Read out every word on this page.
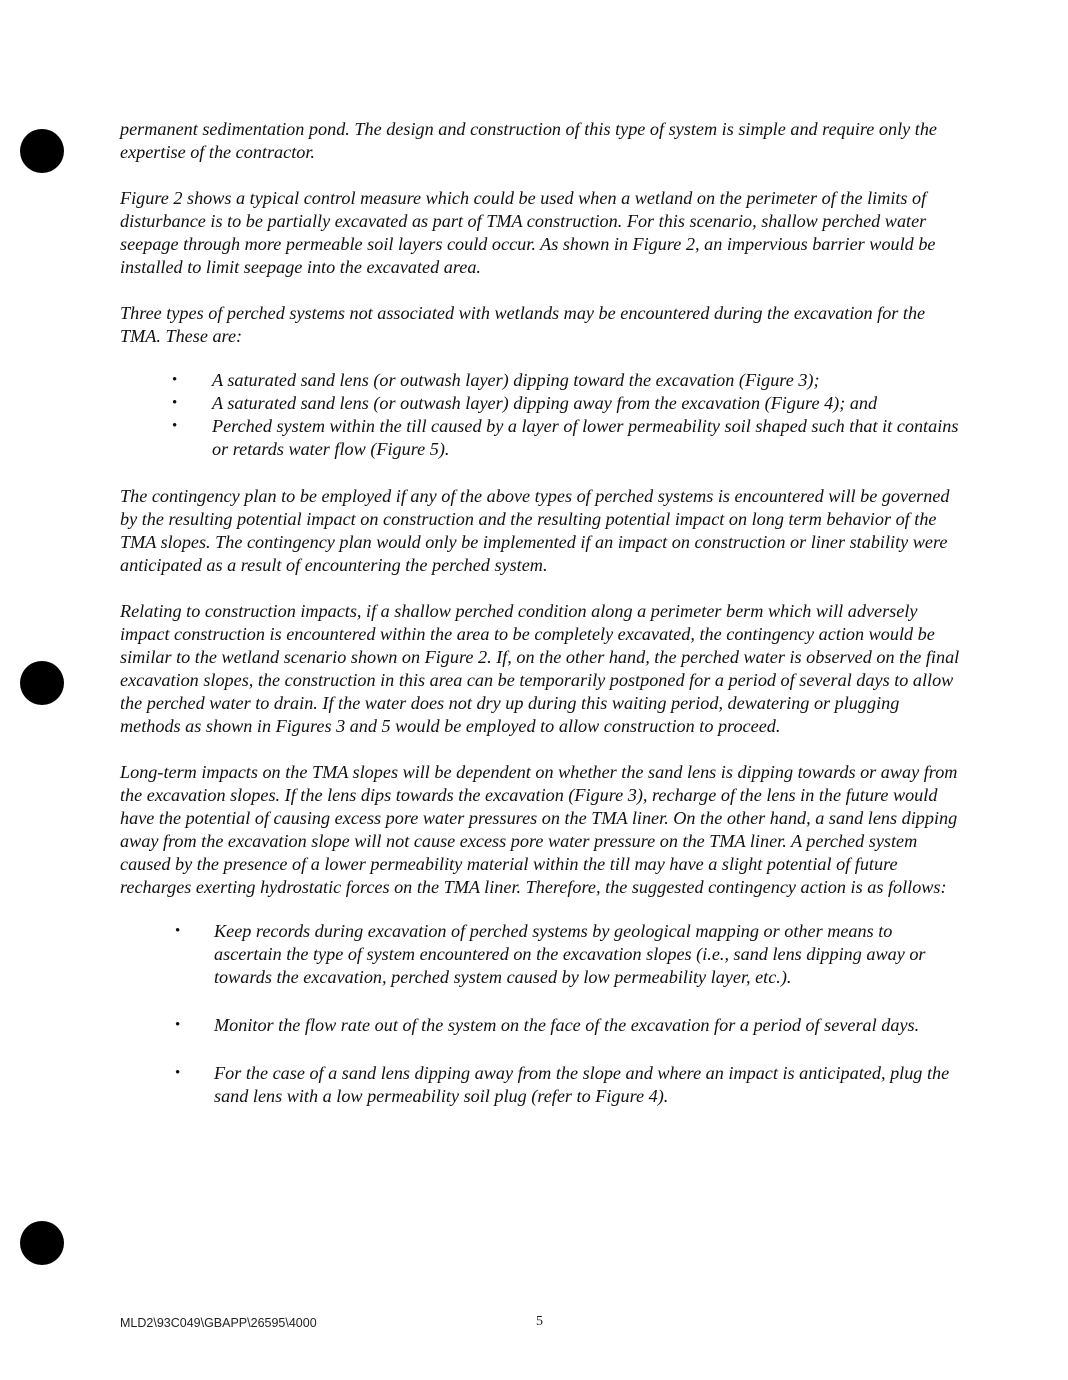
permanent sedimentation pond. The design and construction of this type of system is simple and require only the expertise of the contractor.

Figure 2 shows a typical control measure which could be used when a wetland on the perimeter of the limits of disturbance is to be partially excavated as part of TMA construction. For this scenario, shallow perched water seepage through more permeable soil layers could occur. As shown in Figure 2, an impervious barrier would be installed to limit seepage into the excavated area.

Three types of perched systems not associated with wetlands may be encountered during the excavation for the TMA. These are:

• A saturated sand lens (or outwash layer) dipping toward the excavation (Figure 3);
• A saturated sand lens (or outwash layer) dipping away from the excavation (Figure 4); and
• Perched system within the till caused by a layer of lower permeability soil shaped such that it contains or retards water flow (Figure 5).

The contingency plan to be employed if any of the above types of perched systems is encountered will be governed by the resulting potential impact on construction and the resulting potential impact on long term behavior of the TMA slopes. The contingency plan would only be implemented if an impact on construction or liner stability were anticipated as a result of encountering the perched system.

Relating to construction impacts, if a shallow perched condition along a perimeter berm which will adversely impact construction is encountered within the area to be completely excavated, the contingency action would be similar to the wetland scenario shown on Figure 2. If, on the other hand, the perched water is observed on the final excavation slopes, the construction in this area can be temporarily postponed for a period of several days to allow the perched water to drain. If the water does not dry up during this waiting period, dewatering or plugging methods as shown in Figures 3 and 5 would be employed to allow construction to proceed.

Long-term impacts on the TMA slopes will be dependent on whether the sand lens is dipping towards or away from the excavation slopes. If the lens dips towards the excavation (Figure 3), recharge of the lens in the future would have the potential of causing excess pore water pressures on the TMA liner. On the other hand, a sand lens dipping away from the excavation slope will not cause excess pore water pressure on the TMA liner. A perched system caused by the presence of a lower permeability material within the till may have a slight potential of future recharges exerting hydrostatic forces on the TMA liner. Therefore, the suggested contingency action is as follows:

• Keep records during excavation of perched systems by geological mapping or other means to ascertain the type of system encountered on the excavation slopes (i.e., sand lens dipping away or towards the excavation, perched system caused by low permeability layer, etc.).
• Monitor the flow rate out of the system on the face of the excavation for a period of several days.
• For the case of a sand lens dipping away from the slope and where an impact is anticipated, plug the sand lens with a low permeability soil plug (refer to Figure 4).
MLD2\93C049\GBAPP\26595\4000	5
